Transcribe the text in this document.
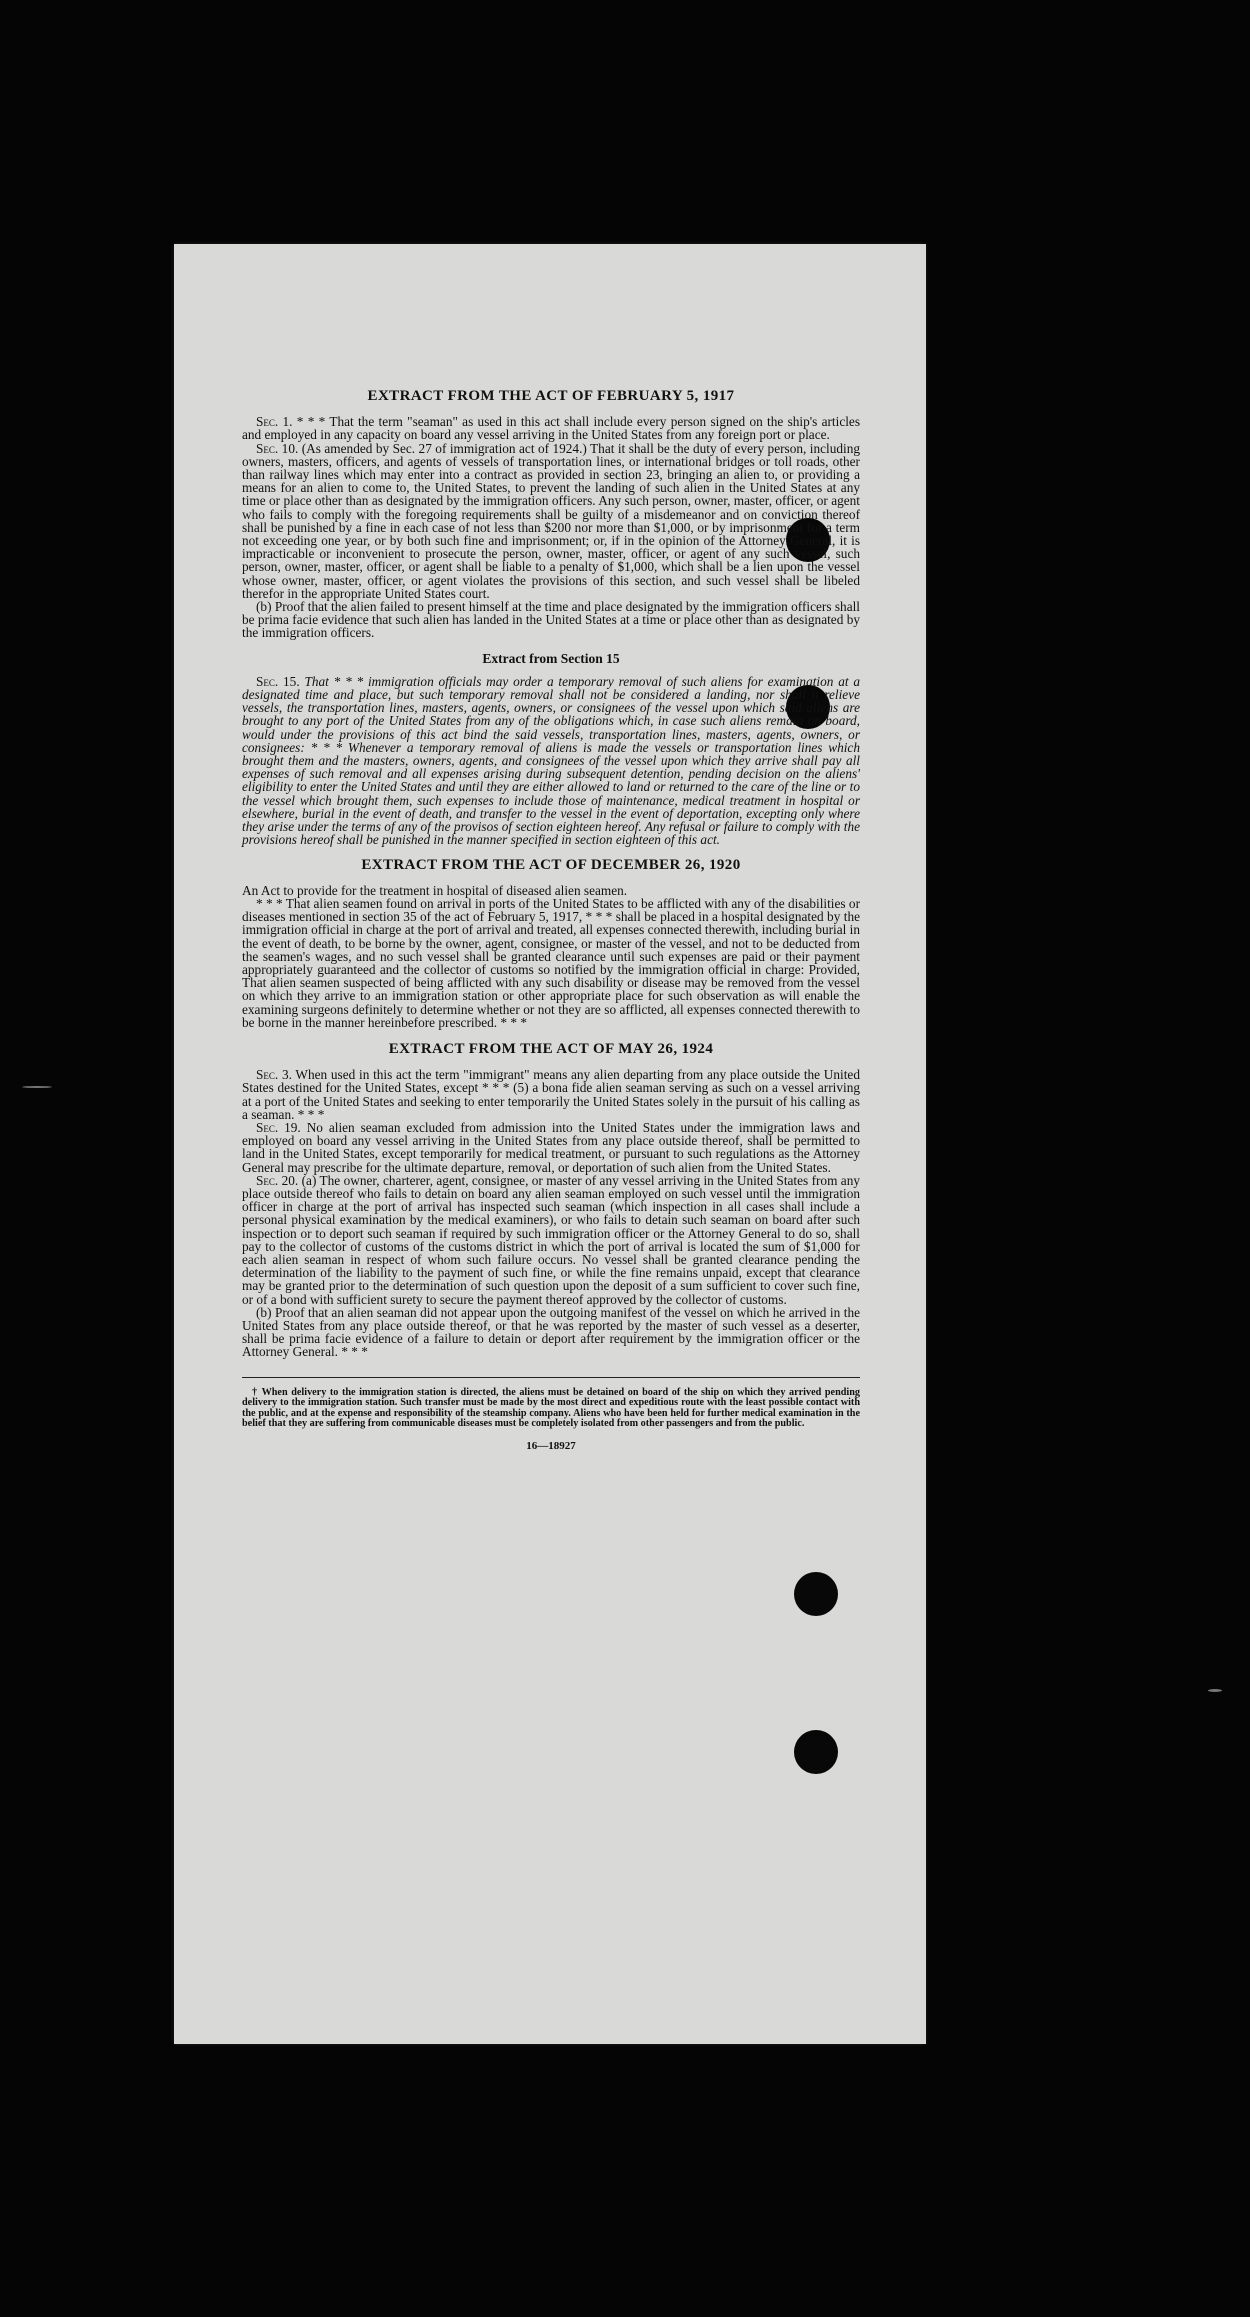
EXTRACT FROM THE ACT OF FEBRUARY 5, 1917

Sec. 1. * * * That the term "seaman" as used in this act shall include every person signed on the ship's articles and employed in any capacity on board any vessel arriving in the United States from any foreign port or place.

Sec. 10. (As amended by Sec. 27 of immigration act of 1924.) That it shall be the duty of every person, including owners, masters, officers, and agents of vessels of transportation lines, or international bridges or toll roads, other than railway lines which may enter into a contract as provided in section 23, bringing an alien to, or providing a means for an alien to come to, the United States, to prevent the landing of such alien in the United States at any time or place other than as designated by the immigration officers. Any such person, owner, master, officer, or agent who fails to comply with the foregoing requirements shall be guilty of a misdemeanor and on conviction thereof shall be punished by a fine in each case of not less than $200 nor more than $1,000, or by imprisonment for a term not exceeding one year, or by both such fine and imprisonment; or, if in the opinion of the Attorney General, it is impracticable or inconvenient to prosecute the person, owner, master, officer, or agent of any such vessel, such person, owner, master, officer, or agent shall be liable to a penalty of $1,000, which shall be a lien upon the vessel whose owner, master, officer, or agent violates the provisions of this section, and such vessel shall be libeled therefor in the appropriate United States court.

(b) Proof that the alien failed to present himself at the time and place designated by the immigration officers shall be prima facie evidence that such alien has landed in the United States at a time or place other than as designated by the immigration officers.

Extract from Section 15

Sec. 15. That * * * immigration officials may order a temporary removal of such aliens for examination at a designated time and place, but such temporary removal shall not be considered a landing, nor shall it relieve vessels, the transportation lines, masters, agents, owners, or consignees of the vessel upon which said aliens are brought to any port of the United States from any of the obligations which, in case such aliens remain on board, would under the provisions of this act bind the said vessels, transportation lines, masters, agents, owners, or consignees: * * * Whenever a temporary removal of aliens is made the vessels or transportation lines which brought them and the masters, owners, agents, and consignees of the vessel upon which they arrive shall pay all expenses of such removal and all expenses arising during subsequent detention, pending decision on the aliens' eligibility to enter the United States and until they are either allowed to land or returned to the care of the line or to the vessel which brought them, such expenses to include those of maintenance, medical treatment in hospital or elsewhere, burial in the event of death, and transfer to the vessel in the event of deportation, excepting only where they arise under the terms of any of the provisos of section eighteen hereof. Any refusal or failure to comply with the provisions hereof shall be punished in the manner specified in section eighteen of this act.

EXTRACT FROM THE ACT OF DECEMBER 26, 1920

An Act to provide for the treatment in hospital of diseased alien seamen.

* * * That alien seamen found on arrival in ports of the United States to be afflicted with any of the disabilities or diseases mentioned in section 35 of the act of February 5, 1917, * * * shall be placed in a hospital designated by the immigration official in charge at the port of arrival and treated, all expenses connected therewith, including burial in the event of death, to be borne by the owner, agent, consignee, or master of the vessel, and not to be deducted from the seamen's wages, and no such vessel shall be granted clearance until such expenses are paid or their payment appropriately guaranteed and the collector of customs so notified by the immigration official in charge: Provided, That alien seamen suspected of being afflicted with any such disability or disease may be removed from the vessel on which they arrive to an immigration station or other appropriate place for such observation as will enable the examining surgeons definitely to determine whether or not they are so afflicted, all expenses connected therewith to be borne in the manner hereinbefore prescribed. * * *

EXTRACT FROM THE ACT OF MAY 26, 1924

Sec. 3. When used in this act the term "immigrant" means any alien departing from any place outside the United States destined for the United States, except * * * (5) a bona fide alien seaman serving as such on a vessel arriving at a port of the United States and seeking to enter temporarily the United States solely in the pursuit of his calling as a seaman. * * *

Sec. 19. No alien seaman excluded from admission into the United States under the immigration laws and employed on board any vessel arriving in the United States from any place outside thereof, shall be permitted to land in the United States, except temporarily for medical treatment, or pursuant to such regulations as the Attorney General may prescribe for the ultimate departure, removal, or deportation of such alien from the United States.

Sec. 20. (a) The owner, charterer, agent, consignee, or master of any vessel arriving in the United States from any place outside thereof who fails to detain on board any alien seaman employed on such vessel until the immigration officer in charge at the port of arrival has inspected such seaman (which inspection in all cases shall include a personal physical examination by the medical examiners), or who fails to detain such seaman on board after such inspection or to deport such seaman if required by such immigration officer or the Attorney General to do so, shall pay to the collector of customs of the customs district in which the port of arrival is located the sum of $1,000 for each alien seaman in respect of whom such failure occurs. No vessel shall be granted clearance pending the determination of the liability to the payment of such fine, or while the fine remains unpaid, except that clearance may be granted prior to the determination of such question upon the deposit of a sum sufficient to cover such fine, or of a bond with sufficient surety to secure the payment thereof approved by the collector of customs.

(b) Proof that an alien seaman did not appear upon the outgoing manifest of the vessel on which he arrived in the United States from any place outside thereof, or that he was reported by the master of such vessel as a deserter, shall be prima facie evidence of a failure to detain or deport after requirement by the immigration officer or the Attorney General. * * *

† When delivery to the immigration station is directed, the aliens must be detained on board of the ship on which they arrived pending delivery to the immigration station. Such transfer must be made by the most direct and expeditious route with the least possible contact with the public, and at the expense and responsibility of the steamship company. Aliens who have been held for further medical examination in the belief that they are suffering from communicable diseases must be completely isolated from other passengers and from the public.

16—18927
